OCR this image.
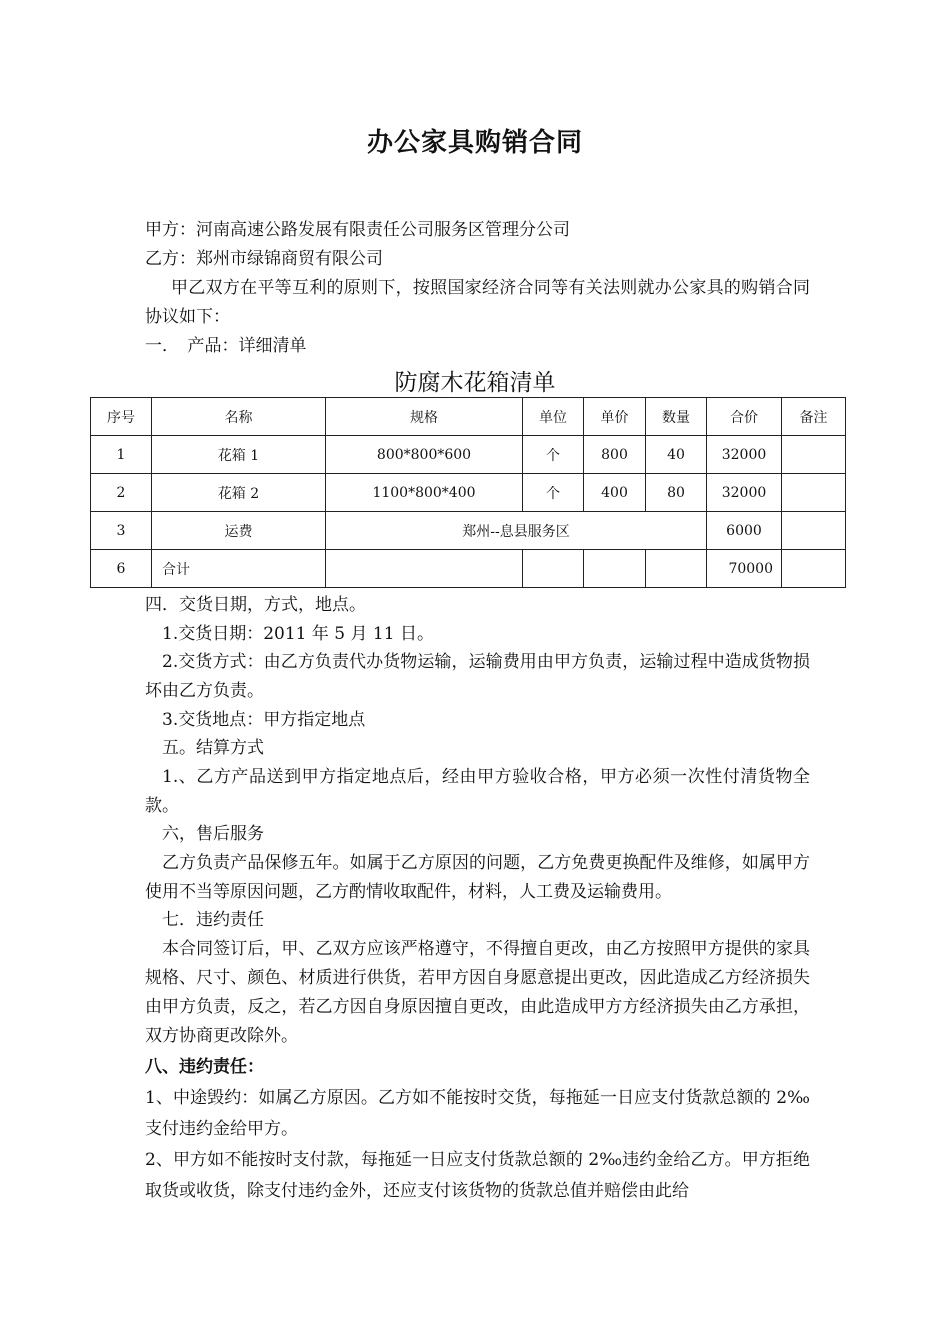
办公家具购销合同
甲方：河南高速公路发展有限责任公司服务区管理分公司
乙方：郑州市绿锦商贸有限公司
甲乙双方在平等互利的原则下，按照国家经济合同等有关法则就办公家具的购销合同协议如下：
一．　产品：详细清单
防腐木花箱清单
序号	名称	规格	单位	单价	数量	合价	备注
1	花箱 1	800*800*600	个	800	40	32000	
2	花箱 2	1100*800*400	个	400	80	32000	
3	运费	郑州--息县服务区				6000	
6	合计					70000	
四．交货日期，方式，地点。
1.交货日期：2011 年 5 月 11 日。
2.交货方式：由乙方负责代办货物运输，运输费用由甲方负责，运输过程中造成货物损坏由乙方负责。
3.交货地点：甲方指定地点
五。结算方式
1.、乙方产品送到甲方指定地点后，经由甲方验收合格，甲方必须一次性付清货物全款。
六，售后服务
乙方负责产品保修五年。如属于乙方原因的问题，乙方免费更换配件及维修，如属甲方使用不当等原因问题，乙方酌情收取配件，材料，人工费及运输费用。
七．违约责任
本合同签订后，甲、乙双方应该严格遵守，不得擅自更改，由乙方按照甲方提供的家具规格、尺寸、颜色、材质进行供货，若甲方因自身愿意提出更改，因此造成乙方经济损失由甲方负责，反之，若乙方因自身原因擅自更改，由此造成甲方方经济损失由乙方承担，双方协商更改除外。
八、违约责任：
1、中途毁约：如属乙方原因。乙方如不能按时交货，每拖延一日应支付货款总额的 2‰支付违约金给甲方。
2、甲方如不能按时支付款，每拖延一日应支付货款总额的 2‰违约金给乙方。甲方拒绝取货或收货，除支付违约金外，还应支付该货物的货款总值并赔偿由此给
